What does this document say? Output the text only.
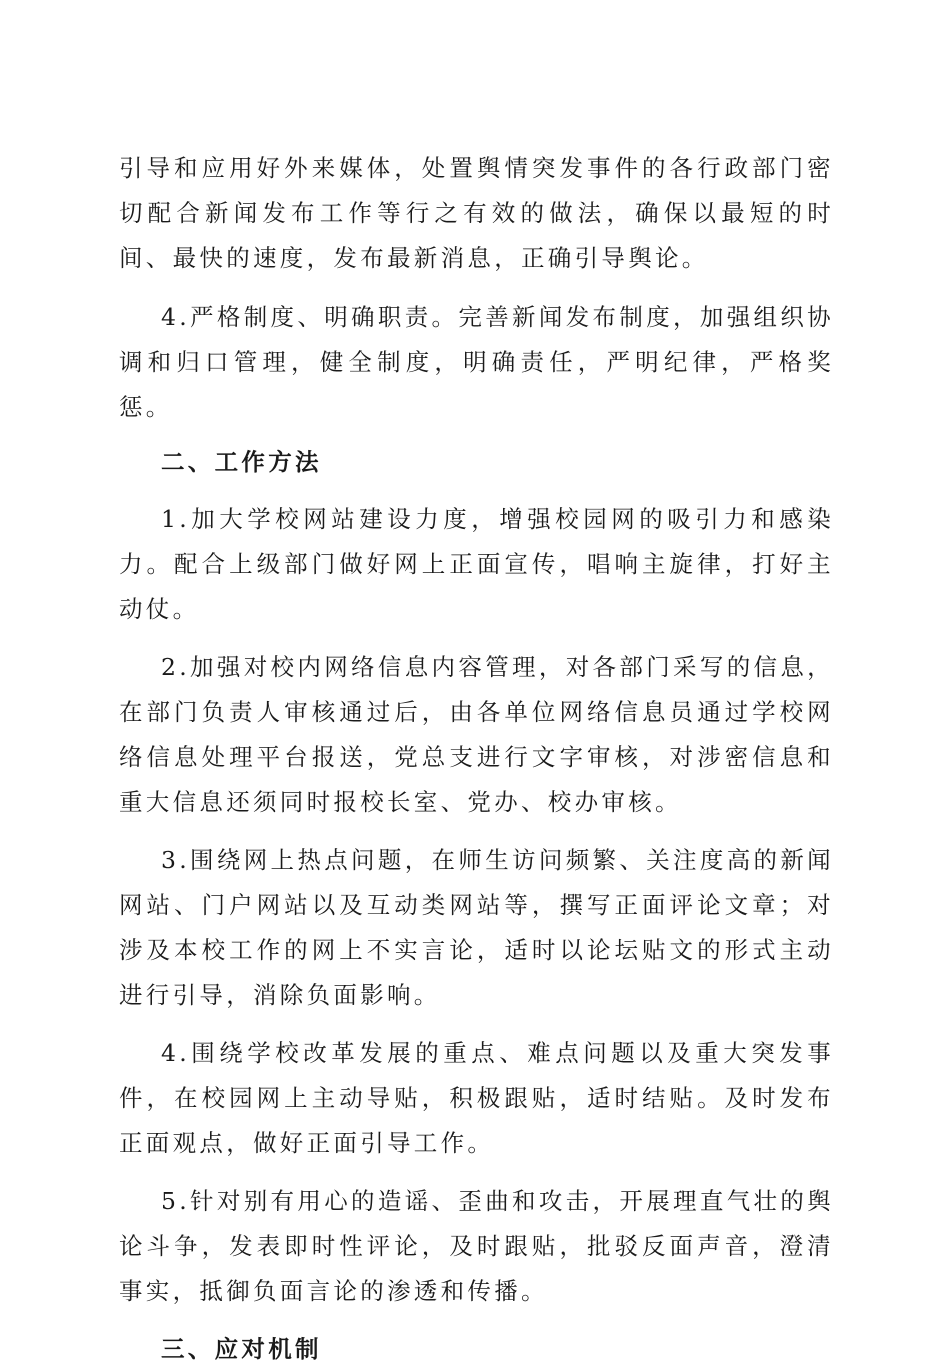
引导和应用好外来媒体，处置舆情突发事件的各行政部门密切配合新闻发布工作等行之有效的做法，确保以最短的时间、最快的速度，发布最新消息，正确引导舆论。

4.严格制度、明确职责。完善新闻发布制度，加强组织协调和归口管理，健全制度，明确责任，严明纪律，严格奖惩。

二、工作方法

1.加大学校网站建设力度，增强校园网的吸引力和感染力。配合上级部门做好网上正面宣传，唱响主旋律，打好主动仗。

2.加强对校内网络信息内容管理，对各部门采写的信息，在部门负责人审核通过后，由各单位网络信息员通过学校网络信息处理平台报送，党总支进行文字审核，对涉密信息和重大信息还须同时报校长室、党办、校办审核。

3.围绕网上热点问题，在师生访问频繁、关注度高的新闻网站、门户网站以及互动类网站等，撰写正面评论文章；对涉及本校工作的网上不实言论，适时以论坛贴文的形式主动进行引导，消除负面影响。

4.围绕学校改革发展的重点、难点问题以及重大突发事件，在校园网上主动导贴，积极跟贴，适时结贴。及时发布正面观点，做好正面引导工作。

5.针对别有用心的造谣、歪曲和攻击，开展理直气壮的舆论斗争，发表即时性评论，及时跟贴，批驳反面声音，澄清事实，抵御负面言论的渗透和传播。

三、应对机制
